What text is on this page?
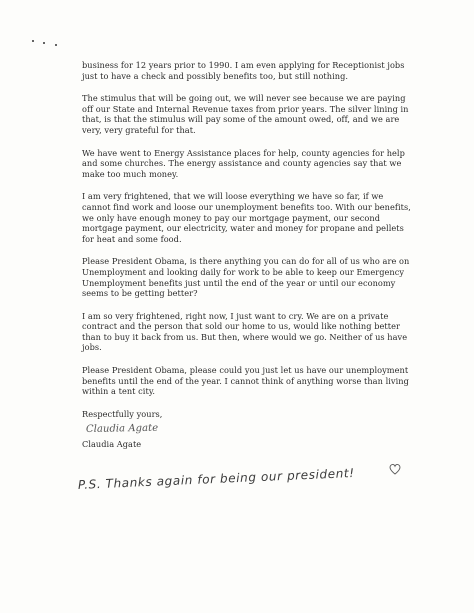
business for 12 years prior to 1990. I am even applying for Receptionist jobs just to have a check and possibly benefits too, but still nothing.

The stimulus that will be going out, we will never see because we are paying off our State and Internal Revenue taxes from prior years. The silver lining in that, is that the stimulus will pay some of the amount owed, off, and we are very, very grateful for that.

We have went to Energy Assistance places for help, county agencies for help and some churches. The energy assistance and county agencies say that we make too much money.

I am very frightened, that we will loose everything we have so far, if we cannot find work and loose our unemployment benefits too. With our benefits, we only have enough money to pay our mortgage payment, our second mortgage payment, our electricity, water and money for propane and pellets for heat and some food.

Please President Obama, is there anything you can do for all of us who are on Unemployment and looking daily for work to be able to keep our Emergency Unemployment benefits just until the end of the year or until our economy seems to be getting better?

I am so very frightened, right now, I just want to cry. We are on a private contract and the person that sold our home to us, would like nothing better than to buy it back from us. But then, where would we go. Neither of us have jobs.

Please President Obama, please could you just let us have our unemployment benefits until the end of the year. I cannot think of anything worse than living within a tent city.

Respectfully yours,

Claudia Agate
Claudia Agate
P.S. Thanks again for being our president!
